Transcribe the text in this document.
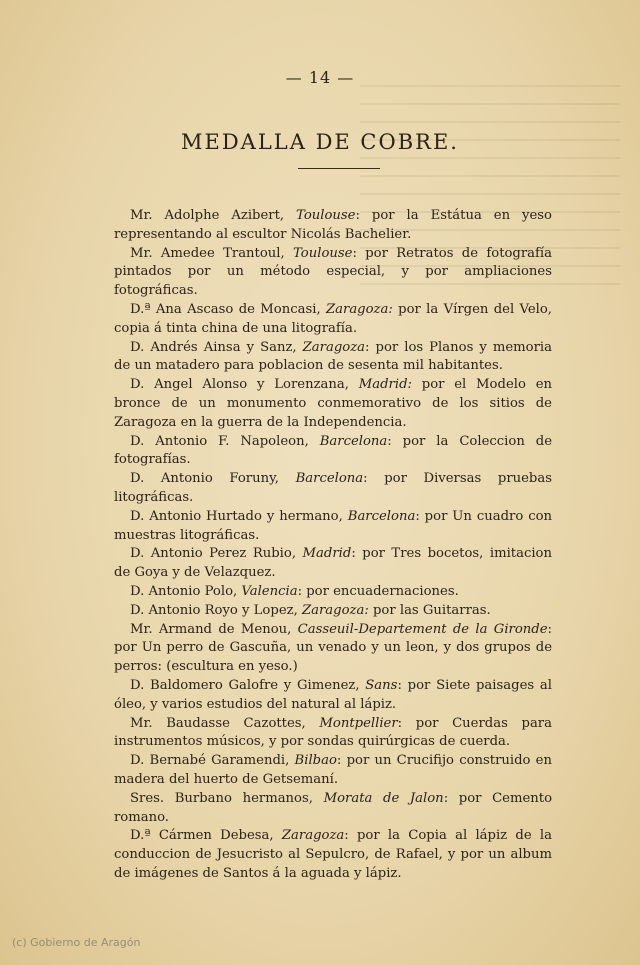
— 14 —
MEDALLA DE COBRE.

Mr. Adolphe Azibert, Toulouse: por la Estátua en yeso representando al escultor Nicolás Bachelier.

Mr. Amedee Trantoul, Toulouse: por Retratos de fotografía pintados por un método especial, y por ampliaciones fotográficas.

D.ª Ana Ascaso de Moncasi, Zaragoza: por la Vírgen del Velo, copia á tinta china de una litografía.

D. Andrés Ainsa y Sanz, Zaragoza: por los Planos y memoria de un matadero para poblacion de sesenta mil habitantes.

D. Angel Alonso y Lorenzana, Madrid: por el Modelo en bronce de un monumento conmemorativo de los sitios de Zaragoza en la guerra de la Independencia.

D. Antonio F. Napoleon, Barcelona: por la Coleccion de fotografías.

D. Antonio Foruny, Barcelona: por Diversas pruebas litográficas.

D. Antonio Hurtado y hermano, Barcelona: por Un cuadro con muestras litográficas.

D. Antonio Perez Rubio, Madrid: por Tres bocetos, imitacion de Goya y de Velazquez.

D. Antonio Polo, Valencia: por encuadernaciones.

D. Antonio Royo y Lopez, Zaragoza: por las Guitarras.

Mr. Armand de Menou, Casseuil-Departement de la Gironde: por Un perro de Gascuña, un venado y un leon, y dos grupos de perros: (escultura en yeso.)

D. Baldomero Galofre y Gimenez, Sans: por Siete paisages al óleo, y varios estudios del natural al lápiz.

Mr. Baudasse Cazottes, Montpellier: por Cuerdas para instrumentos músicos, y por sondas quirúrgicas de cuerda.

D. Bernabé Garamendi, Bilbao: por un Crucifijo construido en madera del huerto de Getsemaní.

Sres. Burbano hermanos, Morata de Jalon: por Cemento romano.

D.ª Cármen Debesa, Zaragoza: por la Copia al lápiz de la conduccion de Jesucristo al Sepulcro, de Rafael, y por un album de imágenes de Santos á la aguada y lápiz.

(c) Gobierno de Aragón
